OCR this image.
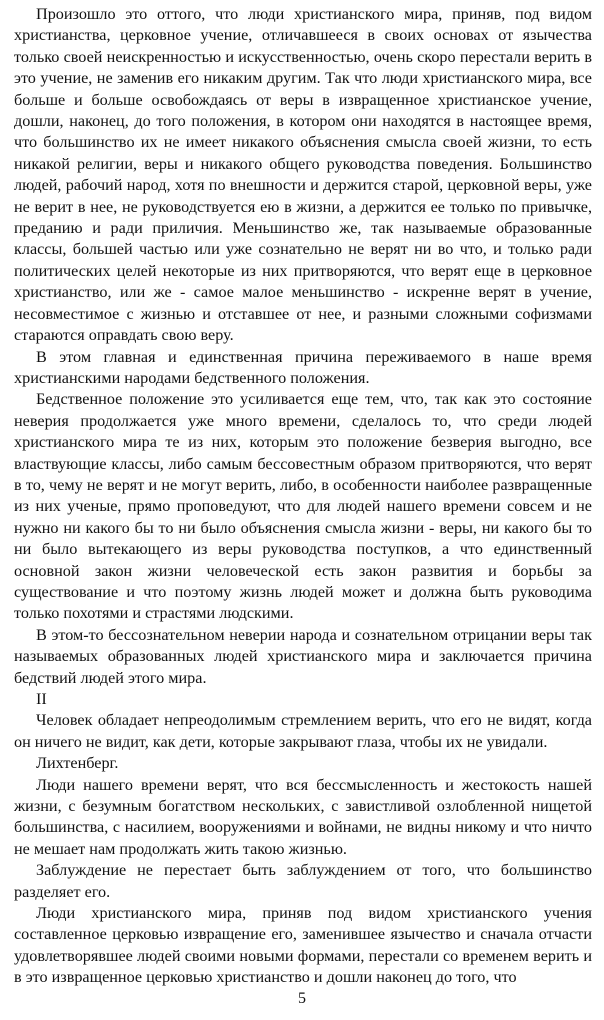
Произошло это оттого, что люди христианского мира, приняв, под видом христианства, церковное учение, отличавшееся в своих основах от язычества только своей неискренностью и искусственностью, очень скоро перестали верить в это учение, не заменив его никаким другим. Так что люди христианского мира, все больше и больше освобождаясь от веры в извращенное христианское учение, дошли, наконец, до того положения, в котором они находятся в настоящее время, что большинство их не имеет никакого объяснения смысла своей жизни, то есть никакой религии, веры и никакого общего руководства поведения. Большинство людей, рабочий народ, хотя по внешности и держится старой, церковной веры, уже не верит в нее, не руководствуется ею в жизни, а держится ее только по привычке, преданию и ради приличия. Меньшинство же, так называемые образованные классы, большей частью или уже сознательно не верят ни во что, и только ради политических целей некоторые из них притворяются, что верят еще в церковное христианство, или же - самое малое меньшинство - искренне верят в учение, несовместимое с жизнью и отставшее от нее, и разными сложными софизмами стараются оправдать свою веру.

В этом главная и единственная причина переживаемого в наше время христианскими народами бедственного положения.

Бедственное положение это усиливается еще тем, что, так как это состояние неверия продолжается уже много времени, сделалось то, что среди людей христианского мира те из них, которым это положение безверия выгодно, все властвующие классы, либо самым бессовестным образом притворяются, что верят в то, чему не верят и не могут верить, либо, в особенности наиболее развращенные из них ученые, прямо проповедуют, что для людей нашего времени совсем и не нужно ни какого бы то ни было объяснения смысла жизни - веры, ни какого бы то ни было вытекающего из веры руководства поступков, а что единственный основной закон жизни человеческой есть закон развития и борьбы за существование и что поэтому жизнь людей может и должна быть руководима только похотями и страстями людскими.

В этом-то бессознательном неверии народа и сознательном отрицании веры так называемых образованных людей христианского мира и заключается причина бедствий людей этого мира.

II

Человек обладает непреодолимым стремлением верить, что его не видят, когда он ничего не видит, как дети, которые закрывают глаза, чтобы их не увидали.

Лихтенберг.

Люди нашего времени верят, что вся бессмысленность и жестокость нашей жизни, с безумным богатством нескольких, с завистливой озлобленной нищетой большинства, с насилием, вооружениями и войнами, не видны никому и что ничто не мешает нам продолжать жить такою жизнью.

Заблуждение не перестает быть заблуждением от того, что большинство разделяет его.

Люди христианского мира, приняв под видом христианского учения составленное церковью извращение его, заменившее язычество и сначала отчасти удовлетворявшее людей своими новыми формами, перестали со временем верить и в это извращенное церковью христианство и дошли наконец до того, что

5
